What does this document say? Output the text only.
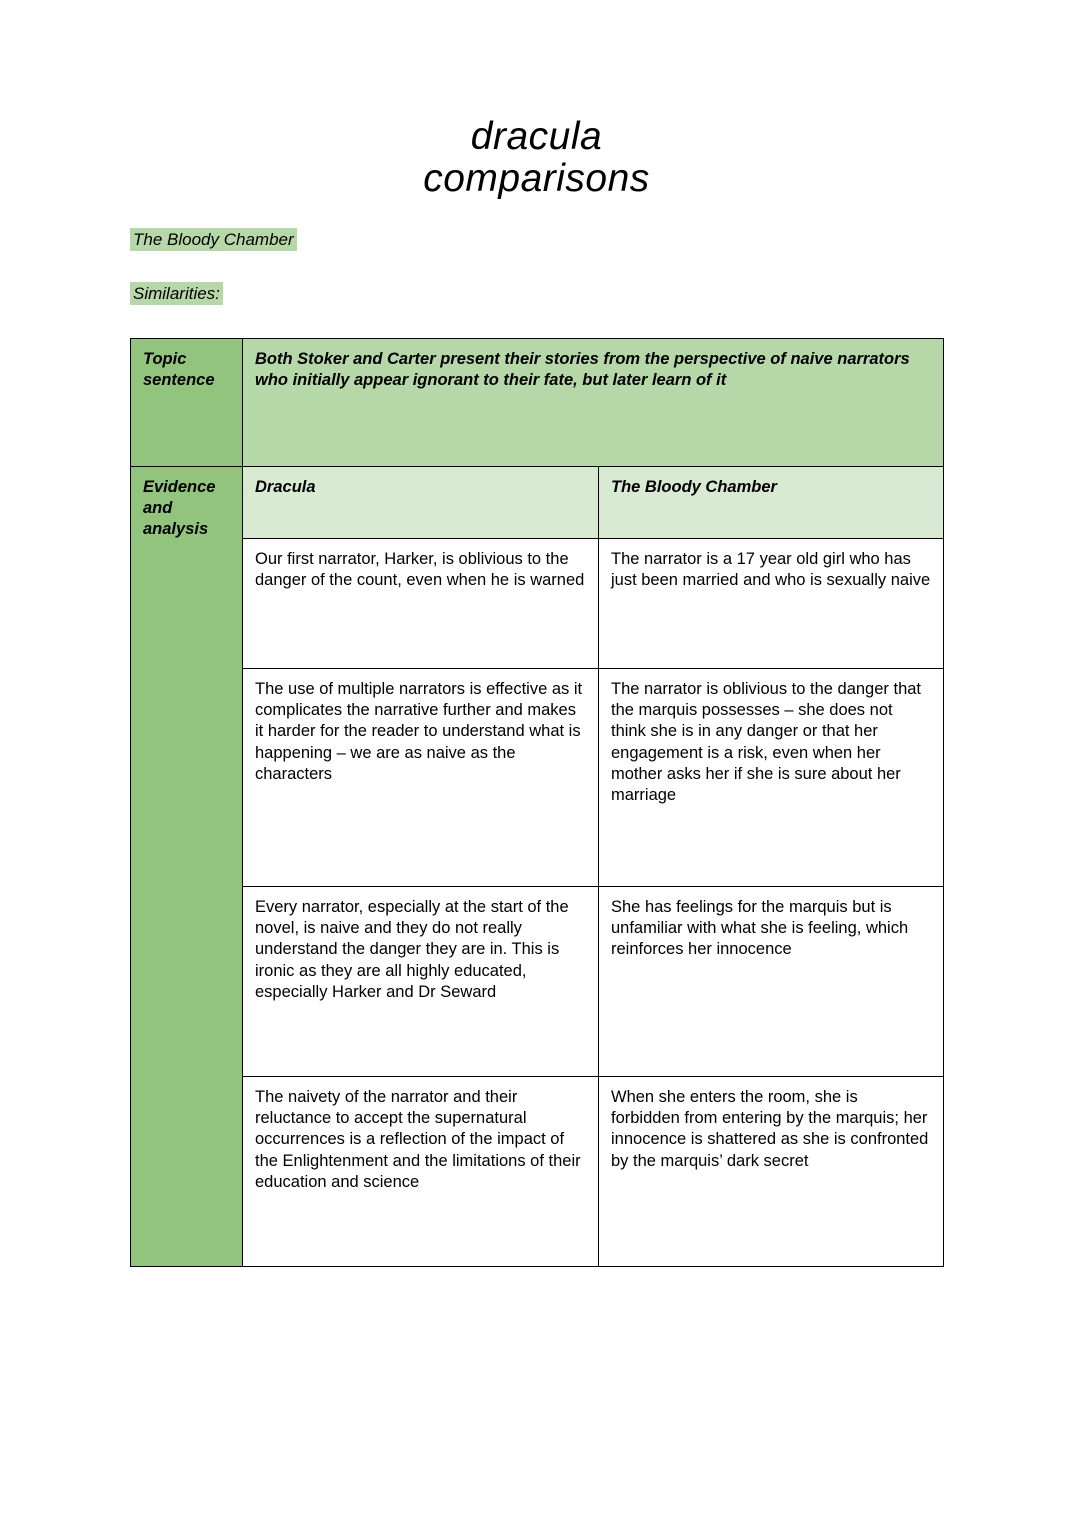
dracula
comparisons

The Bloody Chamber

Similarities:

Topic sentence	Both Stoker and Carter present their stories from the perspective of naive narrators who initially appear ignorant to their fate, but later learn of it	
Evidence and analysis	Dracula	The Bloody Chamber
	Our first narrator, Harker, is oblivious to the danger of the count, even when he is warned	The narrator is a 17 year old girl who has just been married and who is sexually naive
	The use of multiple narrators is effective as it complicates the narrative further and makes it harder for the reader to understand what is happening – we are as naive as the characters	The narrator is oblivious to the danger that the marquis possesses – she does not think she is in any danger or that her engagement is a risk, even when her mother asks her if she is sure about her marriage
	Every narrator, especially at the start of the novel, is naive and they do not really understand the danger they are in. This is ironic as they are all highly educated, especially Harker and Dr Seward	She has feelings for the marquis but is unfamiliar with what she is feeling, which reinforces her innocence
	The naivety of the narrator and their reluctance to accept the supernatural occurrences is a reflection of the impact of the Enlightenment and the limitations of their education and science	When she enters the room, she is forbidden from entering by the marquis; her innocence is shattered as she is confronted by the marquis’ dark secret
